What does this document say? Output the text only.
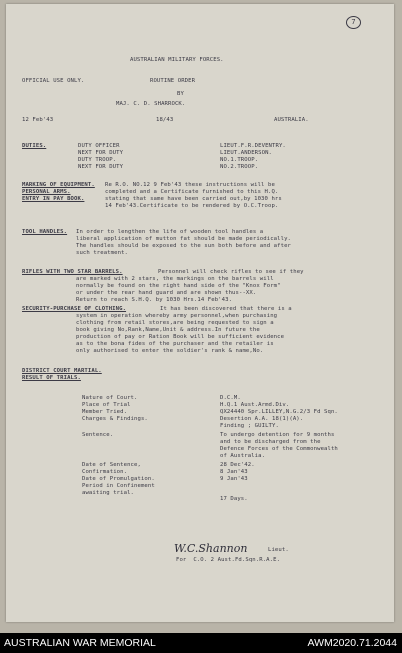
7
AUSTRALIAN MILITARY FORCES.
OFFICIAL USE ONLY.	ROUTINE ORDER
BY
MAJ. C. D. SHARROCK.
12 Feb'43	18/43	AUSTRALIA.
DUTIES.	DUTY OFFICER	LIEUT.F.R.DEVENTRY.
NEXT FOR DUTY	LIEUT.ANDERSON.
DUTY TROOP.	NO.1.TROOP.
NEXT FOR DUTY	NO.2.TROOP.
MARKING OF EQUIPMENT.
PERSONAL ARMS.
ENTRY IN PAY BOOK.
Re R.O. NO.12 9 Feb'43 these instructions will be
completed and a Certificate furnished to this H.Q.
stating that same have been carried out,by 1030 hrs
14 Feb'43.Certificate to be rendered by O.C.Troop.
TOOL HANDLES. In order to lengthen the life of wooden tool handles a
liberal application of mutton fat should be made periodically.
The handles should be exposed to the sun both before and after
such treatment.
RIFLES WITH TWO STAR BARRELS.	Personnel will check rifles to see if they
are marked with 2 stars, the markings on the barrels will
normally be found on the right hand side of the "Knox Form"
or under the rear hand guard and are shown thus--XX.
Return to reach S.H.Q. by 1030 Hrs.14 Feb'43.
SECURITY-PURCHASE OF CLOTHING.	It has been discovered that there is a
system in operation whereby army personnel,when purchasing
clothing from retail stores,are being requested to sign a
book giving No,Rank,Name,Unit & address.In future the
production of pay or Ration Book will be sufficient evidence
as to the bona fides of the purchaser and the retailer is
only authorised to enter the soldier's rank & name,No.
DISTRICT COURT MARTIAL.
RESULT OF TRIALS.
Nature of Court.	D.C.M.
Place of Trial	H.Q.1 Aust.Armd.Div.
Member Tried.	QX24440 Spr.LILLEY,N.G.2/3 Fd Sqn.
Charges & Findings.	Desertion A.A. 18(1)(A).
Finding ; GUILTY.
Sentence.	To undergo detention for 9 months
and to be discharged from the
Defence Forces of the Commonwealth
of Australia.
Date of Sentence,	28 Dec'42.
Confirmation.	8 Jan'43
Date of Promulgation.	9 Jan'43
Period in Confinement
awaiting trial.
17 Days.
W.C.Shannon	Lieut.
For  C.O. 2 Aust.Fd.Sqn.R.A.E.
AUSTRALIAN WAR MEMORIAL	AWM2020.71.2044
